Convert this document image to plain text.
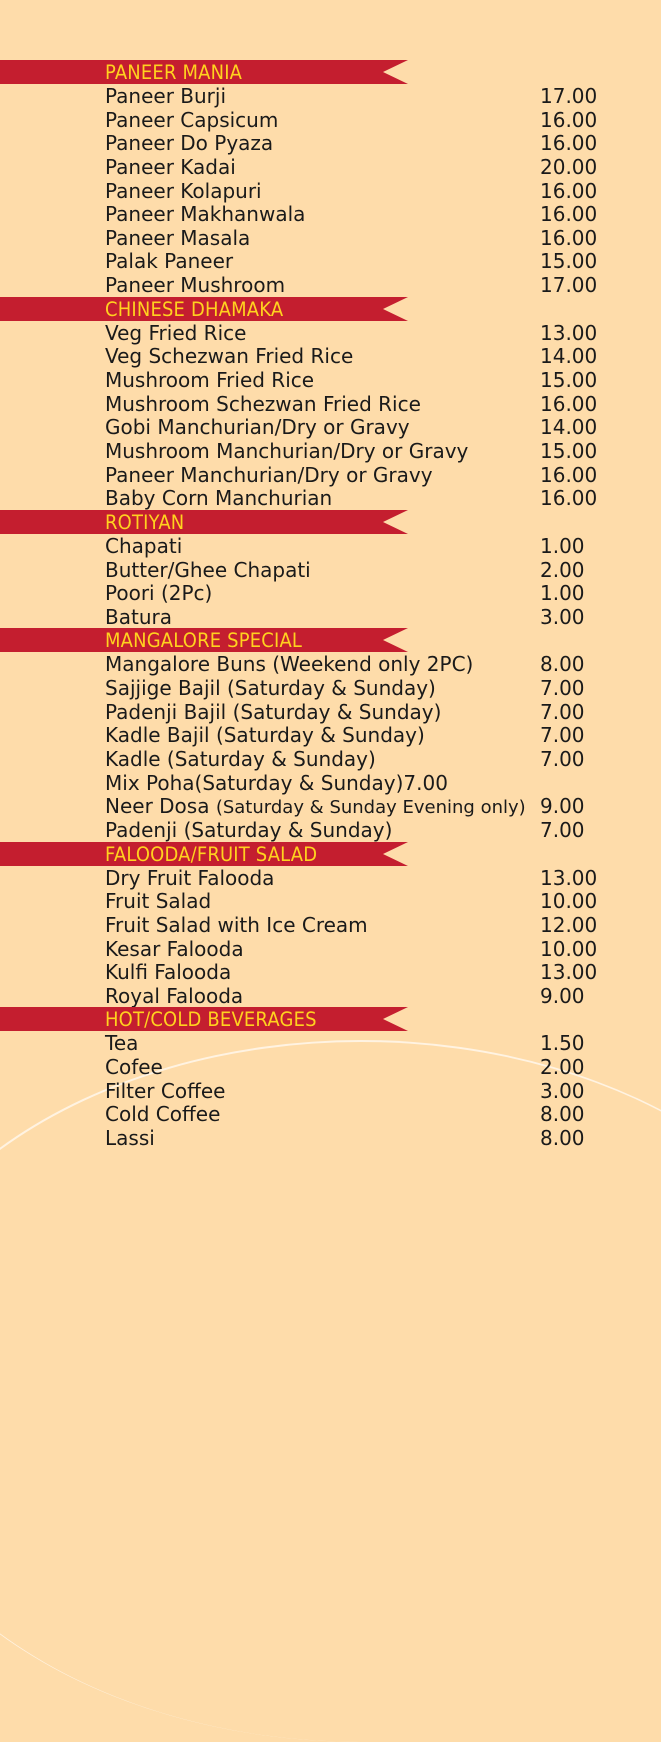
PANEER MANIA
Paneer Burji	17.00
Paneer Capsicum	16.00
Paneer Do Pyaza	16.00
Paneer Kadai	20.00
Paneer Kolapuri	16.00
Paneer Makhanwala	16.00
Paneer Masala	16.00
Palak Paneer	15.00
Paneer Mushroom	17.00
CHINESE DHAMAKA
Veg Fried Rice	13.00
Veg Schezwan Fried Rice	14.00
Mushroom Fried Rice	15.00
Mushroom Schezwan Fried Rice	16.00
Gobi Manchurian/Dry or Gravy	14.00
Mushroom Manchurian/Dry or Gravy	15.00
Paneer Manchurian/Dry or Gravy	16.00
Baby Corn Manchurian	16.00
ROTIYAN
Chapati	1.00
Butter/Ghee Chapati	2.00
Poori (2Pc)	1.00
Batura	3.00
MANGALORE SPECIAL
Mangalore Buns (Weekend only 2PC)	8.00
Sajjige Bajil (Saturday & Sunday)	7.00
Padenji Bajil (Saturday & Sunday)	7.00
Kadle Bajil (Saturday & Sunday)	7.00
Kadle (Saturday & Sunday)	7.00
Mix Poha(Saturday & Sunday)7.00
Neer Dosa (Saturday & Sunday Evening only) 9.00
Padenji (Saturday & Sunday)	7.00
FALOODA/FRUIT SALAD
Dry Fruit Falooda	13.00
Fruit Salad	10.00
Fruit Salad with Ice Cream	12.00
Kesar Falooda	10.00
Kulfi Falooda	13.00
Royal Falooda	9.00
HOT/COLD BEVERAGES
Tea	1.50
Cofee	2.00
Filter Coffee	3.00
Cold Coffee	8.00
Lassi	8.00
